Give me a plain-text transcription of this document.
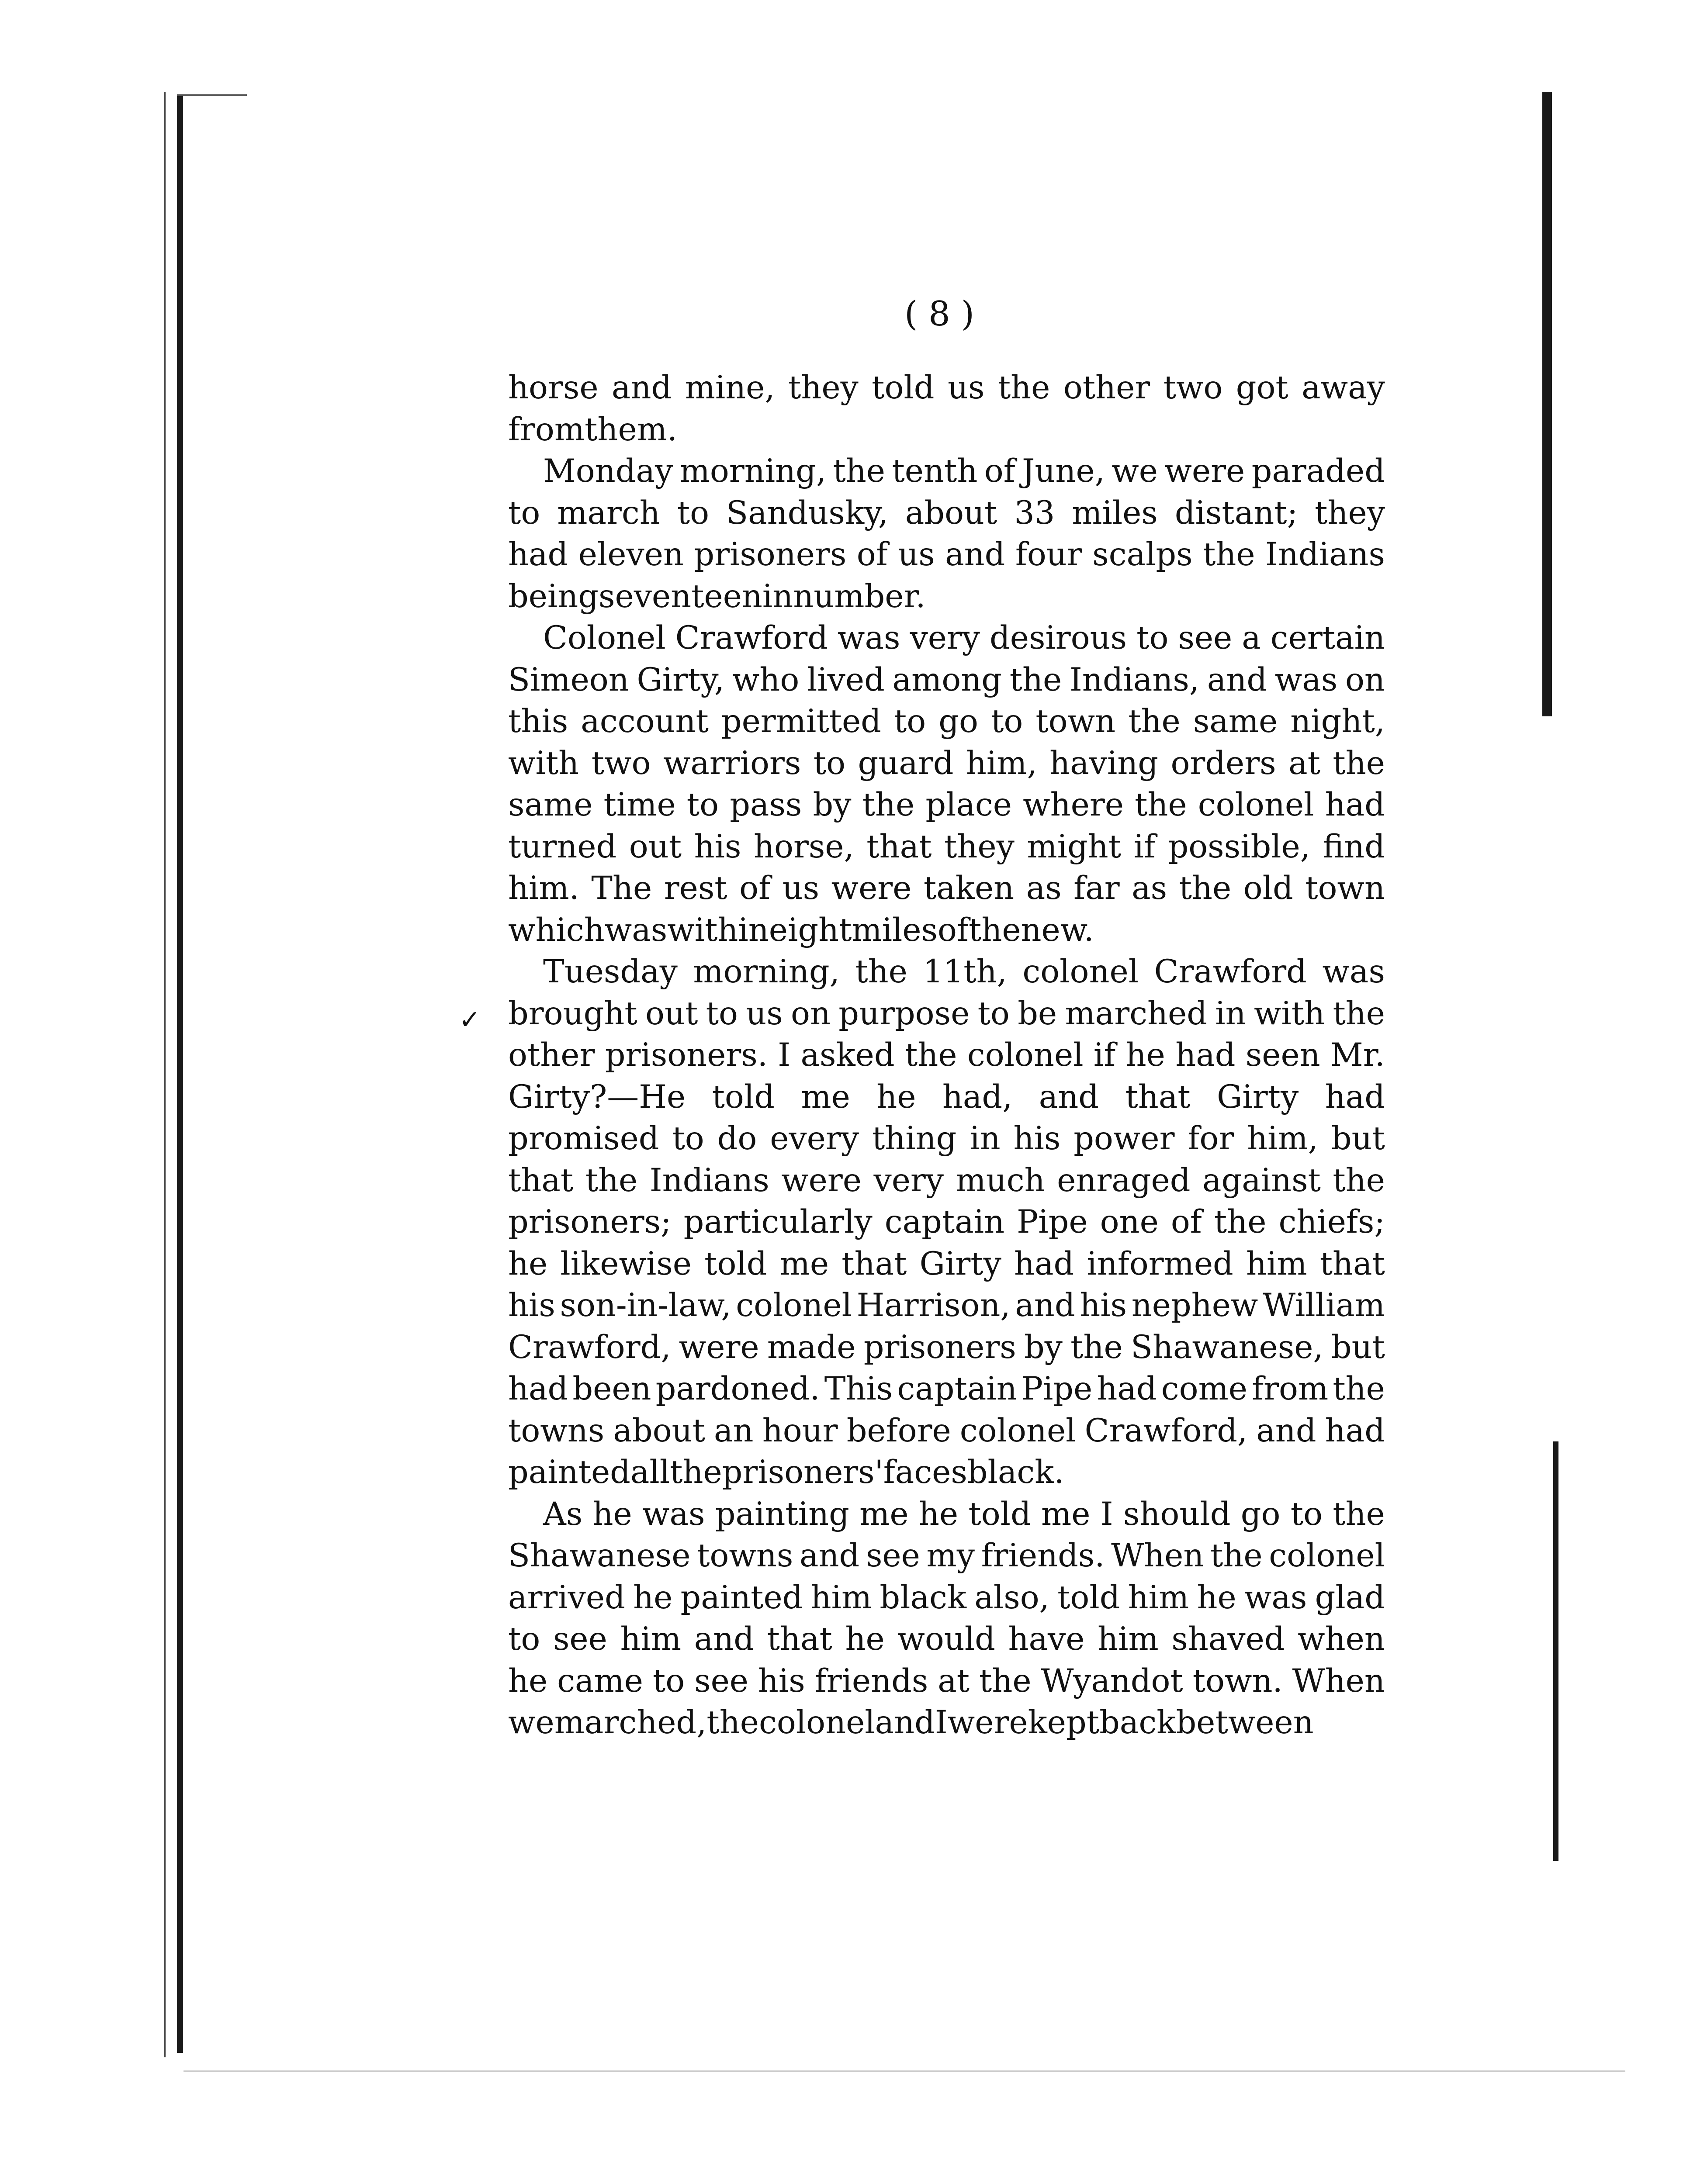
✓
( 8 )
horse and mine, they told us the other two got away
from them.
Monday morning, the tenth of June, we were paraded
to march to Sandusky, about 33 miles distant; they
had eleven prisoners of us and four scalps the Indians
being seventeen in number.
Colonel Crawford was very desirous to see a certain
Simeon Girty, who lived among the Indians, and was on
this account permitted to go to town the same night,
with two warriors to guard him, having orders at the
same time to pass by the place where the colonel had
turned out his horse, that they might if possible, find
him. The rest of us were taken as far as the old town
which was within eight miles of the new.
Tuesday morning, the 11th, colonel Crawford was
brought out to us on purpose to be marched in with the
other prisoners. I asked the colonel if he had seen Mr.
Girty?—He told me he had, and that Girty had
promised to do every thing in his power for him, but
that the Indians were very much enraged against the
prisoners; particularly captain Pipe one of the chiefs;
he likewise told me that Girty had informed him that
his son-in-law, colonel Harrison, and his nephew William
Crawford, were made prisoners by the Shawanese, but
had been pardoned. This captain Pipe had come from the
towns about an hour before colonel Crawford, and had
painted all the prisoners' faces black.
As he was painting me he told me I should go to the
Shawanese towns and see my friends. When the colonel
arrived he painted him black also, told him he was glad
to see him and that he would have him shaved when
he came to see his friends at the Wyandot town. When
we marched, the colonel and I were kept back between
